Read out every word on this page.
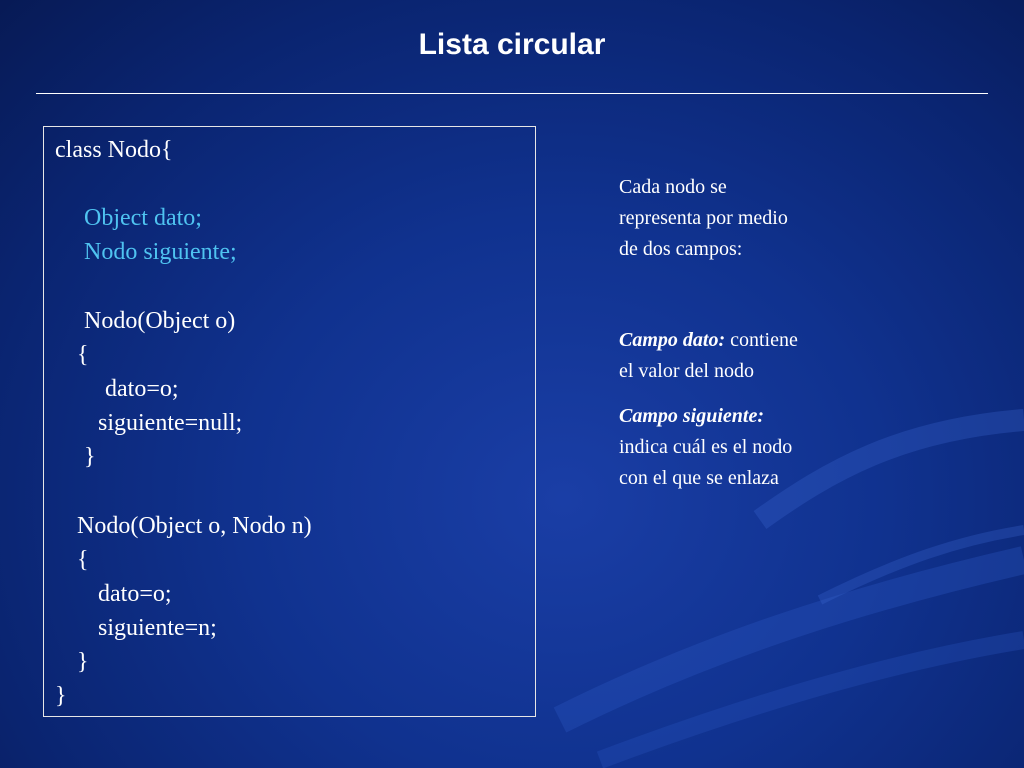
Lista circular
class Nodo{
Object dato;
Nodo siguiente;
Nodo(Object o)
{
dato=o;
siguiente=null;
}
Nodo(Object o, Nodo n)
{
dato=o;
siguiente=n;
}
}
Cada nodo se
representa por medio
de dos campos:
Campo dato: contiene
el valor del nodo
Campo siguiente:
indica cuál es el nodo
con el que se enlaza
